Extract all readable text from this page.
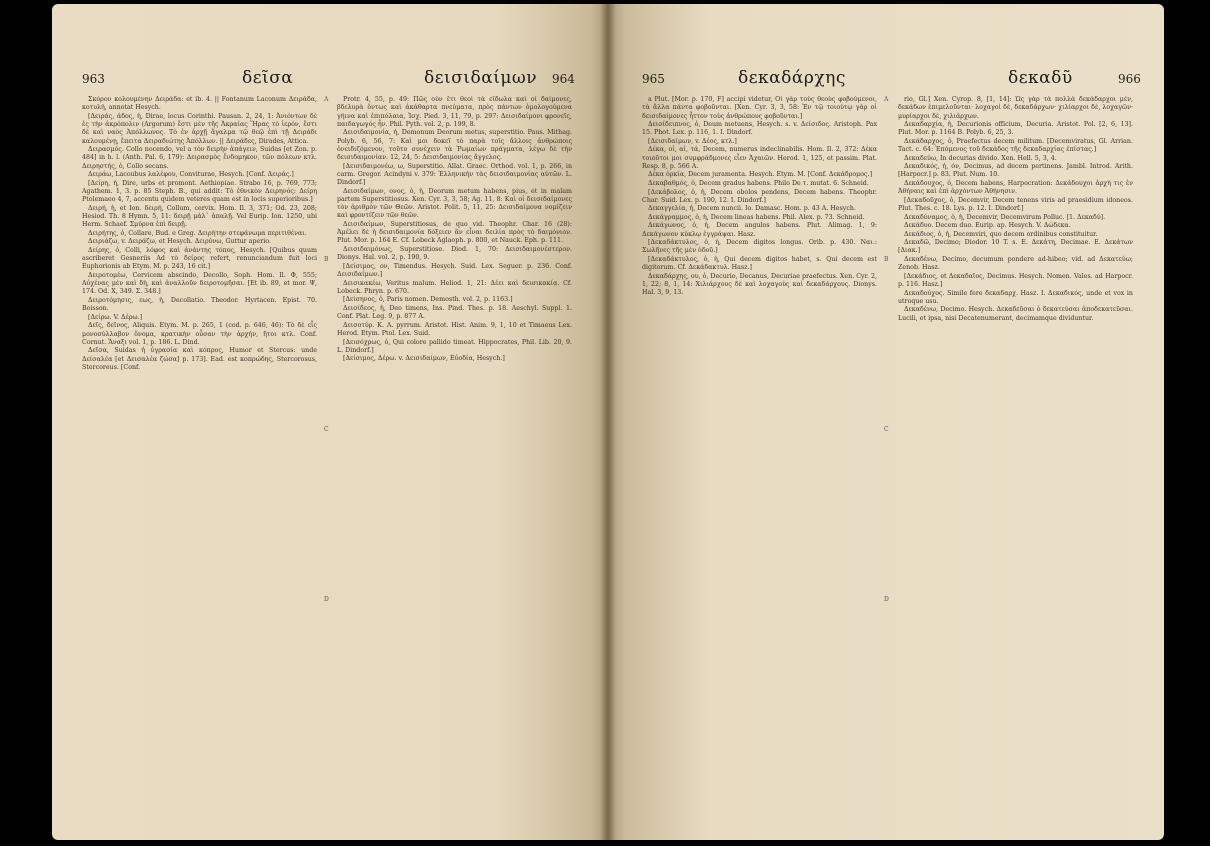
963	δεῖσα	δεισιδαίμων 964

Σκόρον κολουμένην Δειράδα: et ib. 4. || Fontanum Laconum Δειράδα, κοτυλή, annotat Hesych.

[Δειράς, άδος, ἡ, Dirae, locus Corinthi. Pausan. 2, 24, 1: Ἀνιόντων δὲ ἐς τὴν ἀκρόπολιν (Argorum) ἔστι μὲν τῆς Ἀκραίας Ἥρας τὸ ἱερόν, ἔστι δὲ καὶ ναὸς Ἀπόλλωνος. Τὸ ἐν ἀρχῇ ἄγαλμα τῷ θεῷ ἐπὶ τῇ Δειράδι καλουμένῃ, ἔπειτα Δειραδιώτης Ἀπόλλων. || Δειράδες, Dirades, Attica.

Δειρασμός. Collo nocendo, vel a τὸν δειρὴν ἀπάγειν, Suidas [et Zon. p. 484] in h. l. (Anth. Pal. 6, 179): Δειρασμὸς ἔνδομηκον, τῶν πόλεων κτλ. Δειρηστής, ὁ, Collo secans.

Δειράω, Lacoubus λαλέφου, Conviturae, Hesych. [Conf. Δειράς.]

[Δείρη, ἡ, Dire, urbs et promont. Aethiopiae. Strabo 16, p. 769, 773; Agathem. 1, 3. p. 85 Steph. B., qui addit: Τὸ ἐθνικὸν Δειρηνός: Δείρη Ptolemaeo 4, 7, accentu quidem veteres quam est in locis superioribus.]

Δειρή, ἡ, et Ion. δειρή, Collum, cervix. Hom. Il. 3, 371; Od. 23, 208; Hesiod. Th. 8 Hymn. 5, 11: δειρῇ μάλ᾽ ἀπαλῇ. Vel Eurip. Ion. 1250, ubi Herm. Schaef. Σμύρνα ἐπὶ δειρῇ.

Δειρήτης, ὁ, Collare, Bud. e Greg. Δειρήτην στεφάνωμα περιτιθέναι.

Δειριάζω, v. Δειράζω, et Hesych. Δειρύνω, Guttur aperio.

Δείρης, ὁ, Colli, λόφος καὶ ἀνάντης τόπος, Hesych. [Quibus quum ascriberet Gesneriis Ad τὸ δείρος refert, renunciandum fuit loci Euphorionis ab Etym. M. p. 243, 16 cit.]

Δειροτομέω, Cervicem abscindo, Decollo, Soph. Hom. Il. Φ, 555; Αὐχένας μὲν καὶ δὴ, καὶ ἀναλλοῦν δειροτομῆσαι. [Et ib. 89, et mor. Ψ, 174. Od. Χ, 349. Σ. 348.]

Δειροτόμησις, εως, ἡ, Decollatio. Theodor. Hyrtacen. Epist. 70. Boisson.

[Δείρω. V. Δέρω.]

Δεῖς, δεῖνος, Aliquis. Etym. M. p. 265, 1 (cod. p. 646, 46): Τὸ δὲ εἷς μονοσύλλαβον ὄνομα, κρατικὴν οὖσαν τὴν ἀρχήν, ἤτοι κτλ. Conf. Cornut. Ἄναξι vol. 1, p. 186. L. Dind.

Δεῖσα, Suidas ἡ ὑγρασία καὶ κόπρος, Humor et Stercus: unde Δείσαλέα [et Δεισαλέα ζώσα] p. 173]. Ead. est κοπρώδης, Stercorosus, Stercoreus. [Conf.

A
B
C
D

Protr. 4, 55, p. 49: Πῶς οὖν ἔτι θεοὶ τὰ εἴδωλα καὶ οἱ δαίμονες, βδελυρὰ ὄντως καὶ ἀκάθαρτα πνεύματα, πρὸς πάντων ὁμολογούμενα γήινα καὶ ἐπιπόλαια, Ἰσχ. Pied. 3, 11, 79, p. 297: Δεισιδαίμονι φρονεῖς, παιδαγωγός ἦν. Phil. Pyth. vol. 2, p. 199, 8.

Δεισιδαιμονία, ἡ, Demonum Deorum metus, superstitio. Paus. Mithag. Polyb. 6, 56, 7: Καὶ μοι δοκεῖ τὸ παρὰ τοῖς ἄλλοις ἀνθρώποις ὀνειδιζόμενον, τοῦτο συνέχειν τὰ Ῥωμαίων πράγματα, λέγω δὲ τὴν δεισιδαιμονίαν. 12, 24, 5: Δεισιδαιμονίας ἄγγελος.

[Δεισιδαιμονέω, ω, Superstitio. Allat. Graec. Orthod. vol. 1, p. 266, in carm. Gregor. Acindyni v. 379: Ἐλληνικὴν τὰς δεισιδαιμονίας αὐτῶν. L. Dindorf.]

Δεισιδαίμων, ονος, ὁ, ἡ, Deorum metum habens, pius, et in malam partem Superstitiosus. Xen. Cyr. 3, 3, 58; Ag. 11, 8: Καὶ οἱ δεισιδαίμονες τὸν ἀριθμὸν τῶν Θεῶν. Aristot. Polit. 5, 11, 25: Δεισιδαίμονα νομίζειν καὶ φροντίζειν τῶν θεῶν.

Δεισιδαίμων, Superstitiosus, de quo vid. Theophr. Char. 16 (28): Ἀμέλει δὲ ἡ δεισιδαιμονία δόξειεν ἂν εἶναι δειλία πρὸς τὸ δαιμόνιον. Plut. Mor. p. 164 E. Cf. Lobeck Aglaoph. p. 800, et Nauck. Eph. p. 111.

Δεισιδαιμόνως, Superstitiose. Diod. 1, 70: Δεισιδαιμονέστερον. Dionys. Hal. vol. 2, p. 190, 9.

[Δείσιμος, ον, Timendus. Hesych. Suid. Lex. Seguer. p. 236. Conf. Δεισιδαίμων.]

Δεισικακέω, Veritus malum. Heliod. 1, 21: Δέει καὶ δεισικακίᾳ. Cf. Lobeck. Phryn. p. 670.

[Δείσηνος, ὁ, Paris nomen. Demosth. vol. 2, p. 1163.]

Δεισίδεος, ἡ, Deo timens, Ins. Pind. Thes. p. 18. Aeschyl. Suppl. 1. Conf. Plat. Leg. 9, p. 877 A.

Δεισοτύρ. Κ. Α. pyrrum. Aristot. Hist. Anim. 9, 1, 10 et Timaeus Lex. Herod. Etym. Ptol. Lex. Suid.

[Δεισόχρως, ὁ, Qui colore pallido timeat. Hippocrates, Phil. Lib. 20, 9. L. Dindorf.]

[Δείσιμος, Δέρω. v. Δεισιδαίμων, Εὐοδία, Hesych.]

965	δεκαδάρχης	δεκαδῦ	966

a Plut. [Mor. p. 170, F] accipi videtur, Οἱ γὰρ τοὺς θεοὺς φοβούμενοι, τὰ ἄλλα πάντα φοβοῦνται. [Xen. Cyr. 3, 3, 58: Ἐν τῷ τοιούτῳ γὰρ οἱ δεισιδαίμονες ἧττον τοὺς ἀνθρώπους φοβοῦνται.]

Δεισίδειπνος, ὁ, Deum metuens, Hesych. s. v. Δείσιδος. Aristoph. Pax 15. Phot. Lex. p. 116, 1. Ι. Dindorf.

[Δεισιδαίμων, v. Δέος, κτλ.]

Δέκα, οἱ, αἱ, τά, Decem, numerus indeclinabilis. Hom. Il. 2, 372: Δέκα τοιοῦτοι μοι συμφράδμονες εἶεν Ἀχαιῶν. Herod. 1, 125, et passim. Plat. Resp. 8, p. 566 A.

Δέκα ὀρκία, Decem juramenta. Hesych. Etym. M. [Conf. Δεκάδρομος.]

Δεκαβαθμός, ὁ, Decem gradus habens. Philo De τ. mutat. 6. Schneid.

[Δεκάβολος, ὁ, ἡ, Decem obolos pendens, Decem habens. Theophr. Char. Suid. Lex. p. 190, 12. Ι. Dindorf.]

Δεκαγγελία, ἡ, Decem nuncii. Io. Damasc. Hom. p. 43 A. Hesych.

Δεκάγραμμος, ὁ, ἡ, Decem lineas habens. Phil. Alex. p. 73. Schneid.

Δεκάγωνος, ὁ, ἡ, Decem angulos habens. Plut. Alimag. 1, 9: Δεκάγωνον κύκλῳ ἐγγράψαι. Hasz.

[Δεκαδάκτυλος, ὁ, ἡ, Decem digitos longus. Orib. p. 430. Ναι.: Σωλῆνες τῆς μὲν ὁδοῦ.]

[Δεκαδάκτυλος, ὁ, ἡ, Qui decem digitos habet, s. Qui decem est digitorum. Cf. Δεκάδακτυλ. Hasz.]

Δεκαδάρχης, ου, ὁ, Decurio, Decanus, Decuriae praefectus. Xen. Cyr. 2, 1, 22; 8, 1, 14: Χιλιάρχους δὲ καὶ λοχαγοὺς καὶ δεκαδάρχους. Dionys. Hal. 3, 9, 13.

A
B
C
D

rio, Gl.] Xen. Cyrop. 8, [1, 14]: Ὡς γὰρ τὰ πολλὰ δεκάδαρχοι μέν, δεκάδων ἐπιμελοῦνται· λοχαγοὶ δὲ, δεκαδάρχων· χιλίαρχοι δὲ, λοχαγῶν· μυρίαρχοι δὲ, χιλιάρχων.

Δεκαδαρχία, ἡ, Decurionis officium, Decuria. Aristot. Pol. [2, 6, 13]. Plut. Mor. p. 1164 B. Polyb. 6, 25, 3.

Δεκάδαρχος, ὁ, Praefectus decem militum. [Decemviratus, Gl. Arrian. Tact. c. 64: Ἑπόμενος τοῦ δεκάδος τῆς δεκαδαρχίας ἐπίστας.]

Δεκαδεύω, In decurias divido. Xen. Hell. 5, 3, 4.

Δεκαδικός, ἡ, όν, Decimus, ad decem pertinens. Jambl. Introd. Arith. [Harpocr.] p. 83. Plut. Num. 10.

Δεκάδουχος, ὁ, Decem habens, Harpocration: Δεκάδουχοι ἀρχὴ τις ἐν Ἀθήναις καὶ ἐπὶ ἀρχόντων Ἀθήνησιν.

[Δεκαδοῦχος, ὁ, Decemvir, Decem tenens viris ad praesidium idoneos. Plut. Thes. c. 18. Lys. p. 12. Ι. Dindorf.]

Δεκαδύναμος, ὁ, ἡ, Decemvir, Decemvirum Polluc. [1. Δεκαδύ].

Δεκάδυο. Decem duo. Eurip. ap. Hesych. V. Δώδεκα.

Δεκάδιος, ὁ, ἡ, Decemviri, quo decem ordinibus constituitur.

Δεκαδῶ, Decimo; Diodor. 10 T. s. Ε. Δεκάτη, Decimae. Ε. Δεκάτων [Διακ.]

Δεκαδένω, Decimo, decumum pondere ad-hibeo; vid. ad Δεκατεύω; Zenob. Hasz.

[Δεκάδιος, et Δεκαδαῖος, Decimus. Hesych. Nomen. Vales. ad Harpocr. p. 116. Hasz.]

Δεκαδούχος. Simile fere δεκαδαρχ. Hasz. Ι. Δεκαδικός, unde et vox in utroque usu.

Δεκαδένω, Decimo. Hesych. Δεκαδεῦσαι ὁ δεκατεύσαι ἀποδεκατεῦσαι. Lucili, et ipsa, nisi Decatenumerant, decimamque dividuntur.
